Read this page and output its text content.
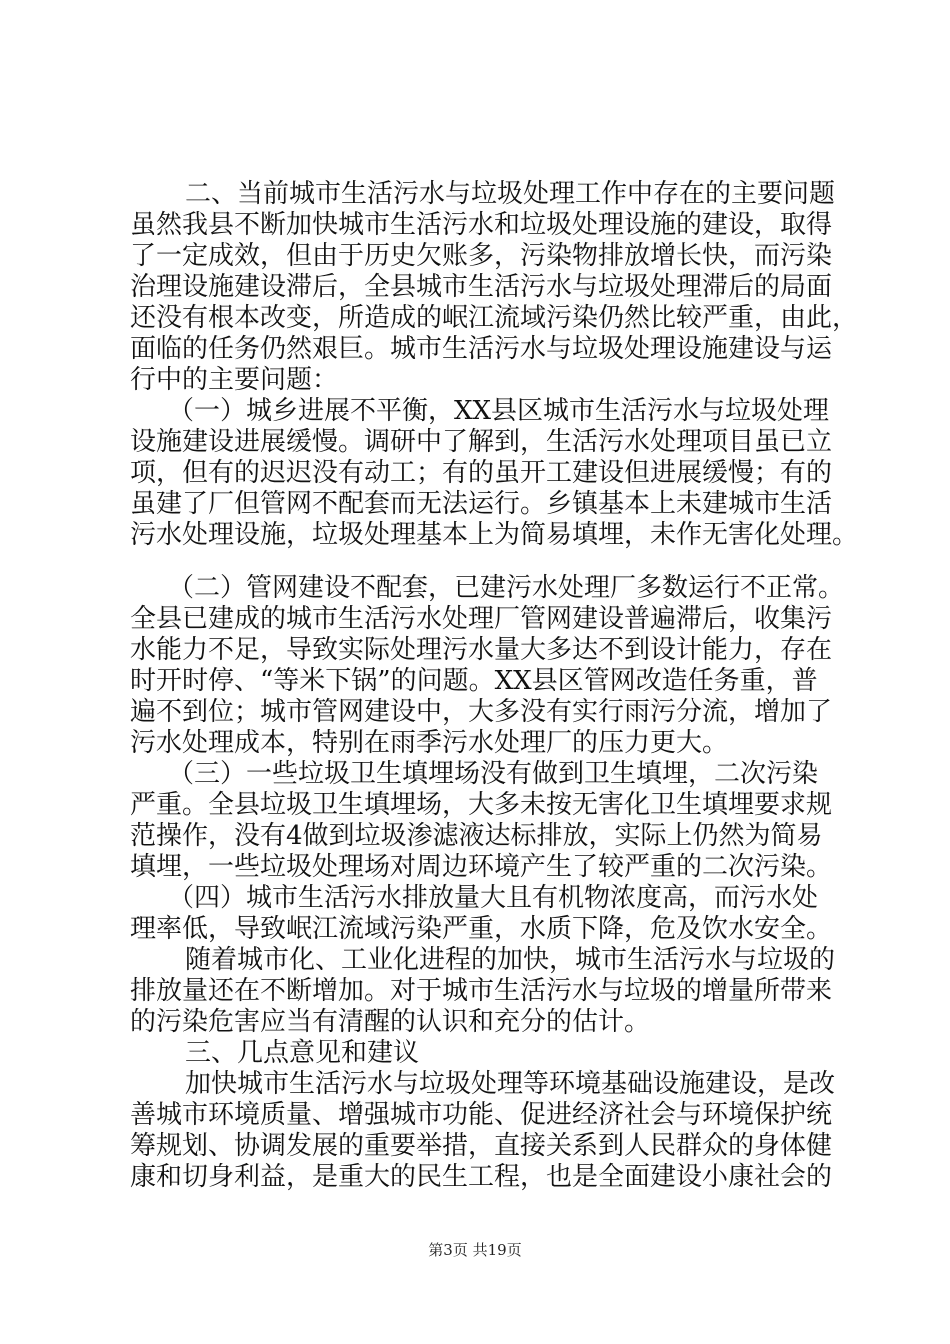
二、当前城市生活污水与垃圾处理工作中存在的主要问题
虽然我县不断加快城市生活污水和垃圾处理设施的建设，取得
了一定成效，但由于历史欠账多，污染物排放增长快，而污染
治理设施建设滞后，全县城市生活污水与垃圾处理滞后的局面
还没有根本改变，所造成的岷江流域污染仍然比较严重，由此，
面临的任务仍然艰巨。城市生活污水与垃圾处理设施建设与运
行中的主要问题：
（一）城乡进展不平衡，XX县区城市生活污水与垃圾处理
设施建设进展缓慢。调研中了解到，生活污水处理项目虽已立
项，但有的迟迟没有动工；有的虽开工建设但进展缓慢；有的
虽建了厂但管网不配套而无法运行。乡镇基本上未建城市生活
污水处理设施，垃圾处理基本上为简易填埋，未作无害化处理。
（二）管网建设不配套，已建污水处理厂多数运行不正常。
全县已建成的城市生活污水处理厂管网建设普遍滞后，收集污
水能力不足，导致实际处理污水量大多达不到设计能力，存在
时开时停、“等米下锅”的问题。XX县区管网改造任务重，普
遍不到位；城市管网建设中，大多没有实行雨污分流，增加了
污水处理成本，特别在雨季污水处理厂的压力更大。
（三）一些垃圾卫生填埋场没有做到卫生填埋，二次污染
严重。全县垃圾卫生填埋场，大多未按无害化卫生填埋要求规
范操作，没有4做到垃圾渗滤液达标排放，实际上仍然为简易
填埋，一些垃圾处理场对周边环境产生了较严重的二次污染。
（四）城市生活污水排放量大且有机物浓度高，而污水处
理率低，导致岷江流域污染严重，水质下降，危及饮水安全。
随着城市化、工业化进程的加快，城市生活污水与垃圾的
排放量还在不断增加。对于城市生活污水与垃圾的增量所带来
的污染危害应当有清醒的认识和充分的估计。
三、几点意见和建议
加快城市生活污水与垃圾处理等环境基础设施建设，是改
善城市环境质量、增强城市功能、促进经济社会与环境保护统
筹规划、协调发展的重要举措，直接关系到人民群众的身体健
康和切身利益，是重大的民生工程，也是全面建设小康社会的
第3页 共19页
